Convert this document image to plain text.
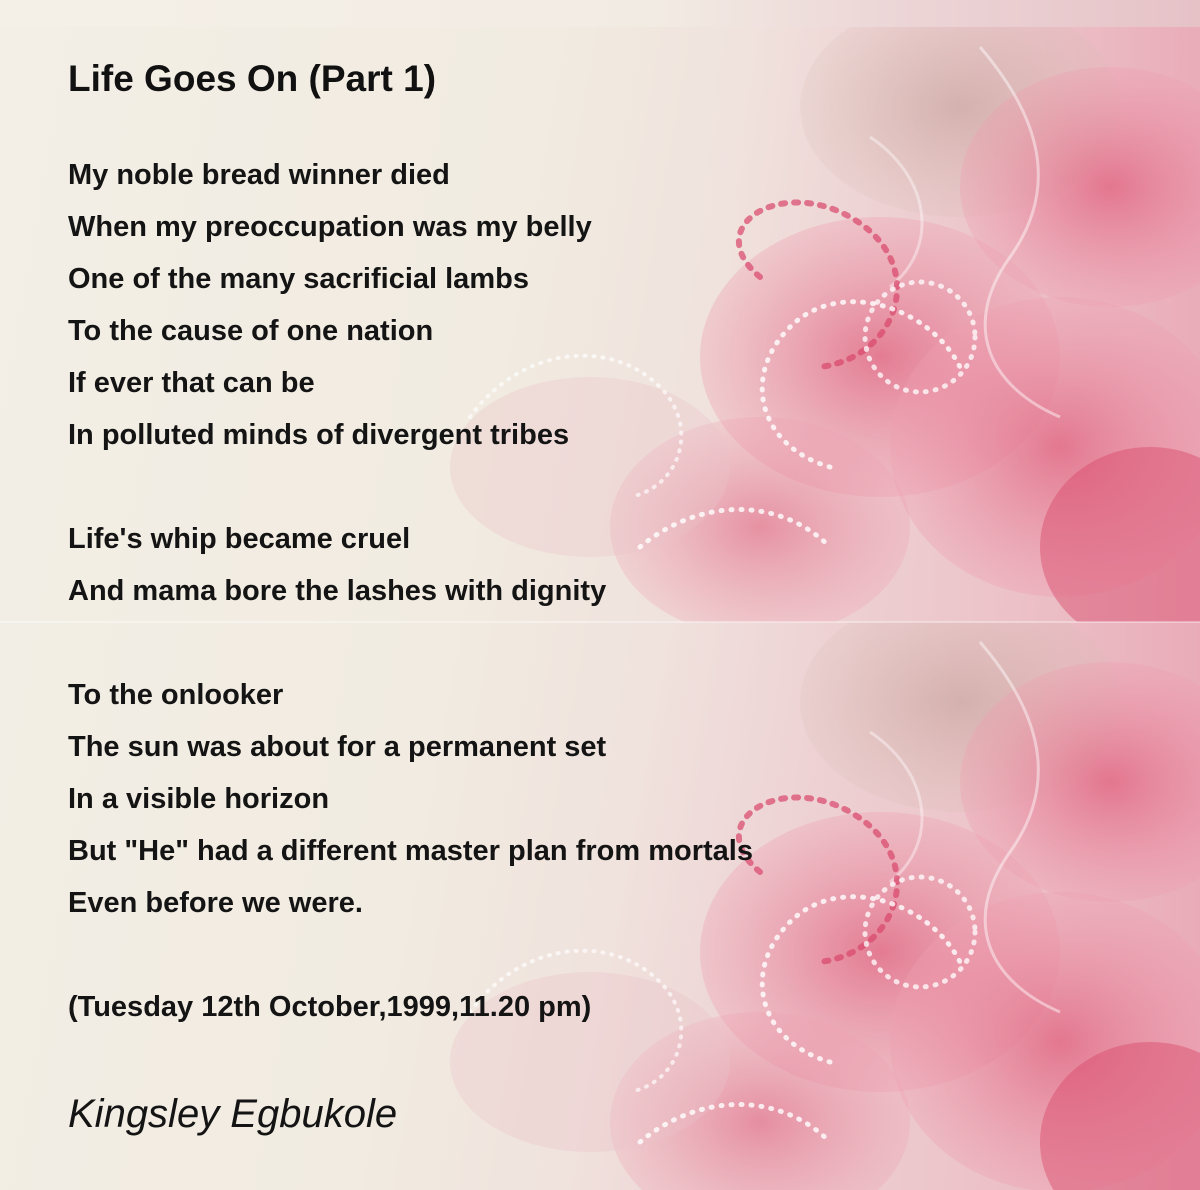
Life Goes On (Part 1)
My noble bread winner died
When my preoccupation was my belly
One of the many sacrificial lambs
To the cause of one nation
If ever that can be
In polluted minds of divergent tribes
Life's whip became cruel
And mama bore the lashes with dignity
To the onlooker
The sun was about for a permanent set
In a visible horizon
But "He" had a different master plan from mortals
Even before we were.
(Tuesday 12th October,1999,11.20 pm)
Kingsley Egbukole
